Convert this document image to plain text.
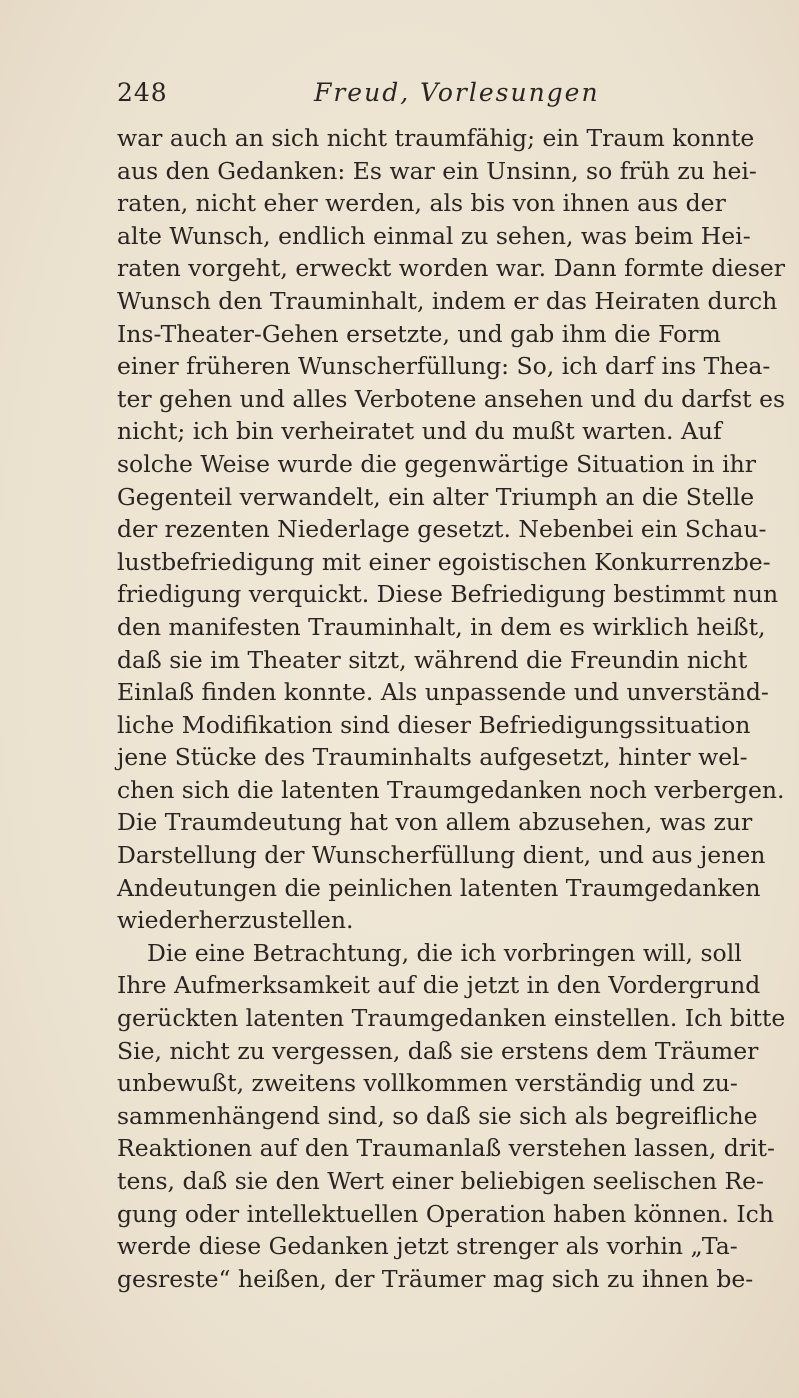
248	Freud, Vorlesungen
war auch an sich nicht traumfähig; ein Traum konnte
aus den Gedanken: Es war ein Unsinn, so früh zu hei-
raten, nicht eher werden, als bis von ihnen aus der
alte Wunsch, endlich einmal zu sehen, was beim Hei-
raten vorgeht, erweckt worden war. Dann formte dieser
Wunsch den Trauminhalt, indem er das Heiraten durch
Ins-Theater-Gehen ersetzte, und gab ihm die Form
einer früheren Wunscherfüllung: So, ich darf ins Thea-
ter gehen und alles Verbotene ansehen und du darfst es
nicht; ich bin verheiratet und du mußt warten. Auf
solche Weise wurde die gegenwärtige Situation in ihr
Gegenteil verwandelt, ein alter Triumph an die Stelle
der rezenten Niederlage gesetzt. Nebenbei ein Schau-
lustbefriedigung mit einer egoistischen Konkurrenzbe-
friedigung verquickt. Diese Befriedigung bestimmt nun
den manifesten Trauminhalt, in dem es wirklich heißt,
daß sie im Theater sitzt, während die Freundin nicht
Einlaß finden konnte. Als unpassende und unverständ-
liche Modifikation sind dieser Befriedigungssituation
jene Stücke des Trauminhalts aufgesetzt, hinter wel-
chen sich die latenten Traumgedanken noch verbergen.
Die Traumdeutung hat von allem abzusehen, was zur
Darstellung der Wunscherfüllung dient, und aus jenen
Andeutungen die peinlichen latenten Traumgedanken
wiederherzustellen.
Die eine Betrachtung, die ich vorbringen will, soll
Ihre Aufmerksamkeit auf die jetzt in den Vordergrund
gerückten latenten Traumgedanken einstellen. Ich bitte
Sie, nicht zu vergessen, daß sie erstens dem Träumer
unbewußt, zweitens vollkommen verständig und zu-
sammenhängend sind, so daß sie sich als begreifliche
Reaktionen auf den Traumanlaß verstehen lassen, drit-
tens, daß sie den Wert einer beliebigen seelischen Re-
gung oder intellektuellen Operation haben können. Ich
werde diese Gedanken jetzt strenger als vorhin „Ta-
gesreste“ heißen, der Träumer mag sich zu ihnen be-
